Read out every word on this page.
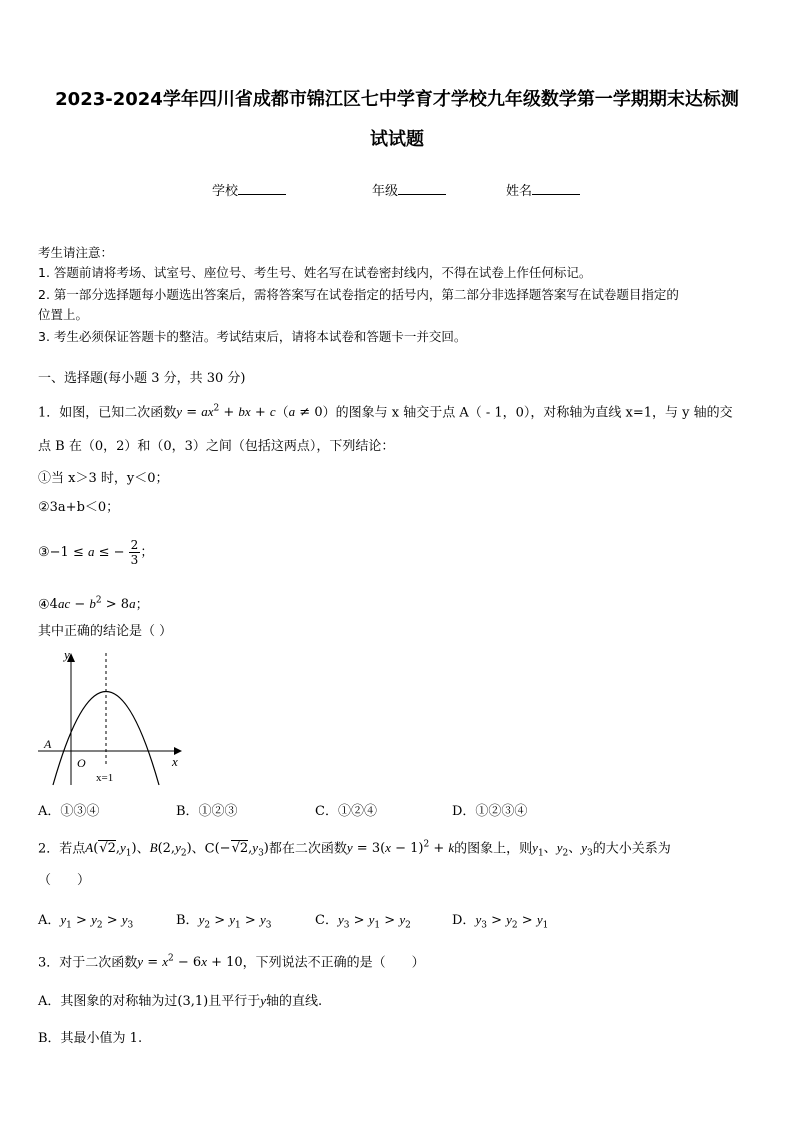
2023-2024学年四川省成都市锦江区七中学育才学校九年级数学第一学期期末达标测
试试题
学校	年级	姓名
考生请注意：
1. 答题前请将考场、试室号、座位号、考生号、姓名写在试卷密封线内，不得在试卷上作任何标记。
2. 第一部分选择题每小题选出答案后，需将答案写在试卷指定的括号内，第二部分非选择题答案写在试卷题目指定的
位置上。
3. 考生必须保证答题卡的整洁。考试结束后，请将本试卷和答题卡一并交回。
一、选择题(每小题 3 分，共 30 分)
1．如图，已知二次函数$y = ax^2$ + bx + c（a ≠ 0）的图象与 x 轴交于点 A（ - 1，0），对称轴为直线 x=1，与 y 轴的交
点 B 在（0，2）和（0，3）之间（包括这两点），下列结论：
①当 x＞3 时，y＜0；
②3a+b＜0；
③−1 ≤ a ≤ − $\frac{2}{3}$ ；
④4ac − $b^2 > 8a$；
其中正确的结论是（ ）
y
x
O
A
x=1
A．①③④	B．①②③	C．①②④	D．①②③④
2．若点$A(√2,y_1)$、$B(2,y_2)$、$C(-√2,y_3)$都在二次函数$y = 3(x - 1)^2 + k$的图象上，则$y_1$、$y_2$、$y_3$的大小关系为
（　　）
A．$y_1 > y_2 > y_3$	B．$y_2 > y_1 > y_3$	C．$y_3 > y_1 > y_2$	D．$y_3 > y_2 > y_1$
3．对于二次函数$y = x^2 - 6x + 10$，下列说法不正确的是（　　）
A．其图象的对称轴为过(3,1)且平行于y轴的直线.
B．其最小值为 1.
